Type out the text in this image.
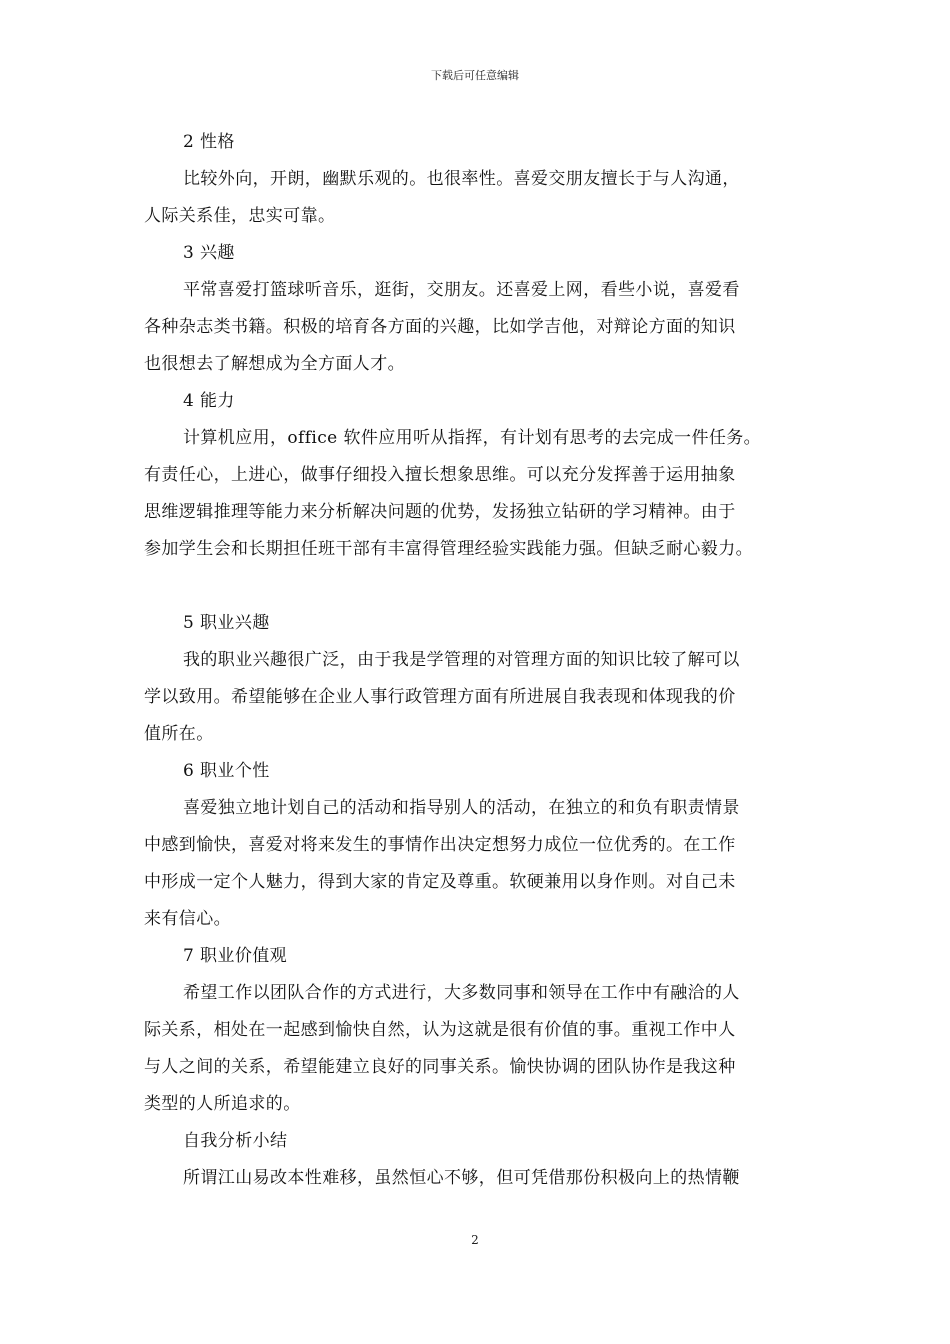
下载后可任意编辑
2 性格
比较外向，开朗，幽默乐观的。也很率性。喜爱交朋友擅长于与人沟通，
人际关系佳，忠实可靠。
3 兴趣
平常喜爱打篮球听音乐，逛街，交朋友。还喜爱上网，看些小说，喜爱看
各种杂志类书籍。积极的培育各方面的兴趣，比如学吉他，对辩论方面的知识
也很想去了解想成为全方面人才。
4 能力
计算机应用，office 软件应用听从指挥，有计划有思考的去完成一件任务。
有责任心，上进心，做事仔细投入擅长想象思维。可以充分发挥善于运用抽象
思维逻辑推理等能力来分析解决问题的优势，发扬独立钻研的学习精神。由于
参加学生会和长期担任班干部有丰富得管理经验实践能力强。但缺乏耐心毅力。
5 职业兴趣
我的职业兴趣很广泛，由于我是学管理的对管理方面的知识比较了解可以
学以致用。希望能够在企业人事行政管理方面有所进展自我表现和体现我的价
值所在。
6 职业个性
喜爱独立地计划自己的活动和指导别人的活动，在独立的和负有职责情景
中感到愉快，喜爱对将来发生的事情作出决定想努力成位一位优秀的。在工作
中形成一定个人魅力，得到大家的肯定及尊重。软硬兼用以身作则。对自己未
来有信心。
7 职业价值观
希望工作以团队合作的方式进行，大多数同事和领导在工作中有融洽的人
际关系，相处在一起感到愉快自然，认为这就是很有价值的事。重视工作中人
与人之间的关系，希望能建立良好的同事关系。愉快协调的团队协作是我这种
类型的人所追求的。
自我分析小结
所谓江山易改本性难移，虽然恒心不够，但可凭借那份积极向上的热情鞭
2
